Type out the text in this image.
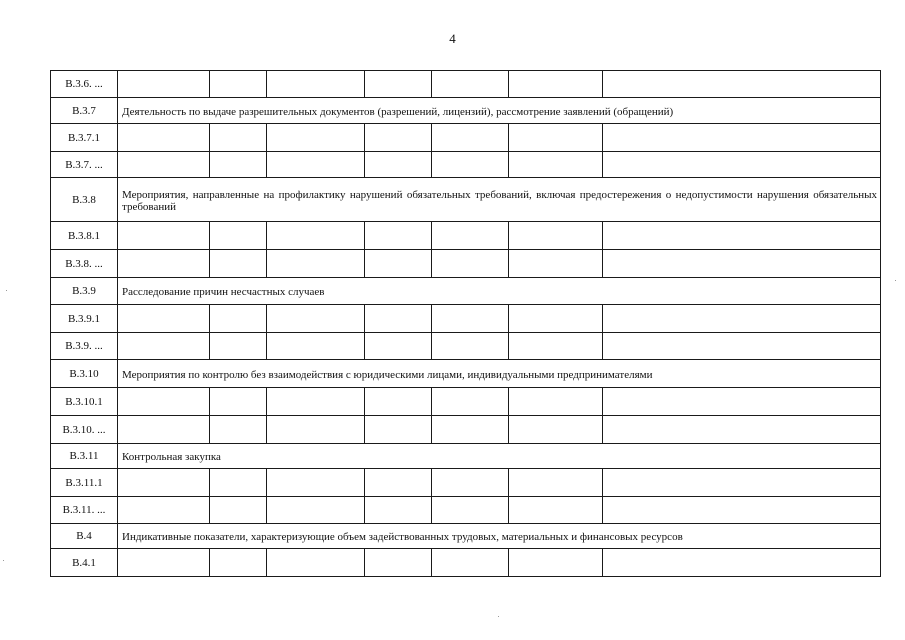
4
В.3.6. ...							
В.3.7	Деятельность по выдаче разрешительных документов (разрешений, лицензий), рассмотрение заявлений (обращений)						
В.3.7.1							
В.3.7. ...							
В.3.8	Мероприятия, направленные на профилактику нарушений обязательных требований, включая предостережения о недопустимости нарушения обязательных требований						
В.3.8.1							
В.3.8. ...							
В.3.9	Расследование причин несчастных случаев						
В.3.9.1							
В.3.9. ...							
В.3.10	Мероприятия по контролю без взаимодействия с юридическими лицами, индивидуальными предпринимателями						
В.3.10.1							
В.3.10. ...							
В.3.11	Контрольная закупка						
В.3.11.1							
В.3.11. ...							
В.4	Индикативные показатели, характеризующие объем задействованных трудовых, материальных и финансовых ресурсов						
В.4.1							
